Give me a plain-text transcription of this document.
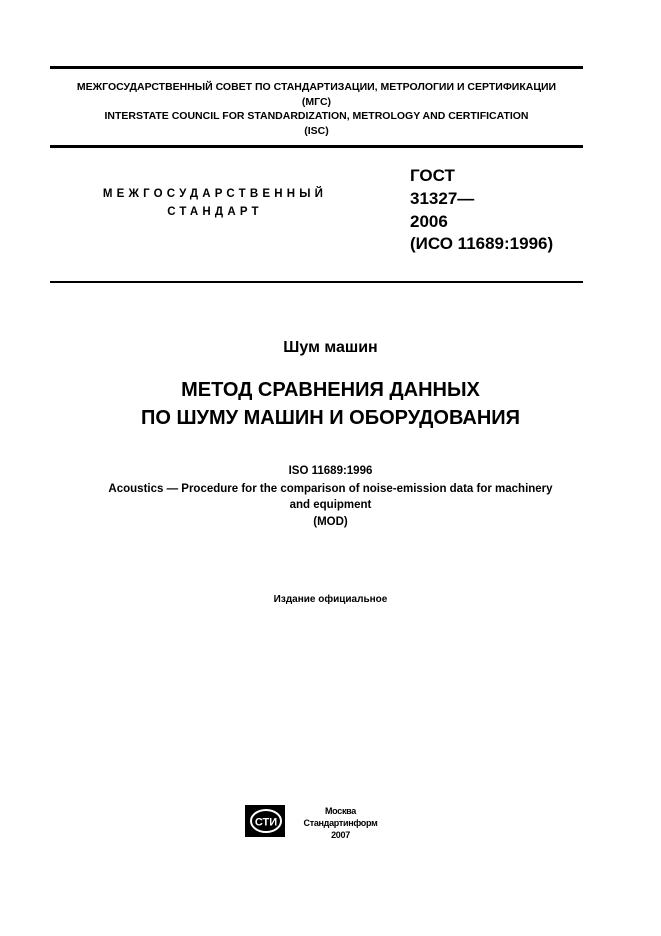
МЕЖГОСУДАРСТВЕННЫЙ СОВЕТ ПО СТАНДАРТИЗАЦИИ, МЕТРОЛОГИИ И СЕРТИФИКАЦИИ
(МГС)
INTERSTATE COUNCIL FOR STANDARDIZATION, METROLOGY AND CERTIFICATION
(ISC)
МЕЖГОСУДАРСТВЕННЫЙ
СТАНДАРТ
ГОСТ
31327—
2006
(ИСО 11689:1996)
Шум машин
МЕТОД СРАВНЕНИЯ ДАННЫХ
ПО ШУМУ МАШИН И ОБОРУДОВАНИЯ
ISO 11689:1996
Acoustics — Procedure for the comparison of noise-emission data for machinery
and equipment
(MOD)
Издание официальное
СТИ
Москва
Стандартинформ
2007
